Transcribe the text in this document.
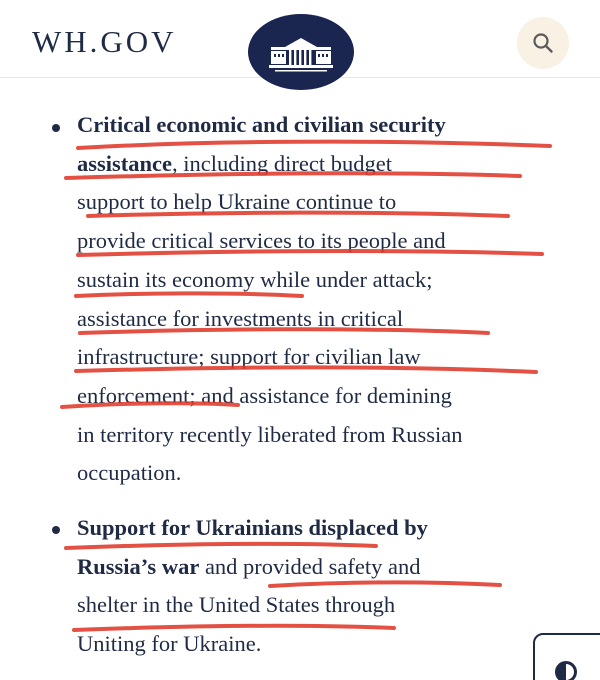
WH.GOV
Critical economic and civilian security
assistance, including direct budget
support to help Ukraine continue to
provide critical services to its people and
sustain its economy while under attack;
assistance for investments in critical
infrastructure; support for civilian law
enforcement; and assistance for demining
in territory recently liberated from Russian
occupation.
Support for Ukrainians displaced by
Russia’s war and provided safety and
shelter in the United States through
Uniting for Ukraine.
